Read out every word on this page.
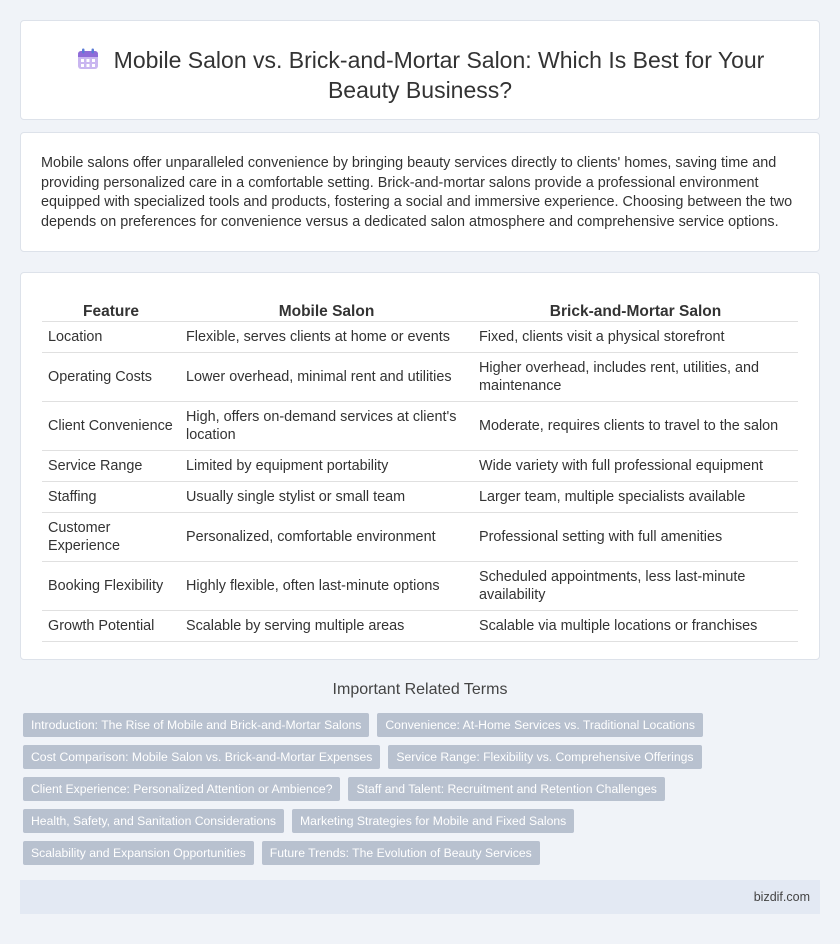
Mobile Salon vs. Brick-and-Mortar Salon: Which Is Best for Your Beauty Business?

Mobile salons offer unparalleled convenience by bringing beauty services directly to clients' homes, saving time and providing personalized care in a comfortable setting. Brick-and-mortar salons provide a professional environment equipped with specialized tools and products, fostering a social and immersive experience. Choosing between the two depends on preferences for convenience versus a dedicated salon atmosphere and comprehensive service options.

Feature	Mobile Salon	Brick-and-Mortar Salon
Location	Flexible, serves clients at home or events	Fixed, clients visit a physical storefront
Operating Costs	Lower overhead, minimal rent and utilities	Higher overhead, includes rent, utilities, and maintenance
Client Convenience	High, offers on-demand services at client's location	Moderate, requires clients to travel to the salon
Service Range	Limited by equipment portability	Wide variety with full professional equipment
Staffing	Usually single stylist or small team	Larger team, multiple specialists available
Customer Experience	Personalized, comfortable environment	Professional setting with full amenities
Booking Flexibility	Highly flexible, often last-minute options	Scheduled appointments, less last-minute availability
Growth Potential	Scalable by serving multiple areas	Scalable via multiple locations or franchises
Important Related Terms
Introduction: The Rise of Mobile and Brick-and-Mortar Salons	Convenience: At-Home Services vs. Traditional Locations
Cost Comparison: Mobile Salon vs. Brick-and-Mortar Expenses	Service Range: Flexibility vs. Comprehensive Offerings
Client Experience: Personalized Attention or Ambience?	Staff and Talent: Recruitment and Retention Challenges
Health, Safety, and Sanitation Considerations	Marketing Strategies for Mobile and Fixed Salons
Scalability and Expansion Opportunities	Future Trends: The Evolution of Beauty Services
bizdif.com
